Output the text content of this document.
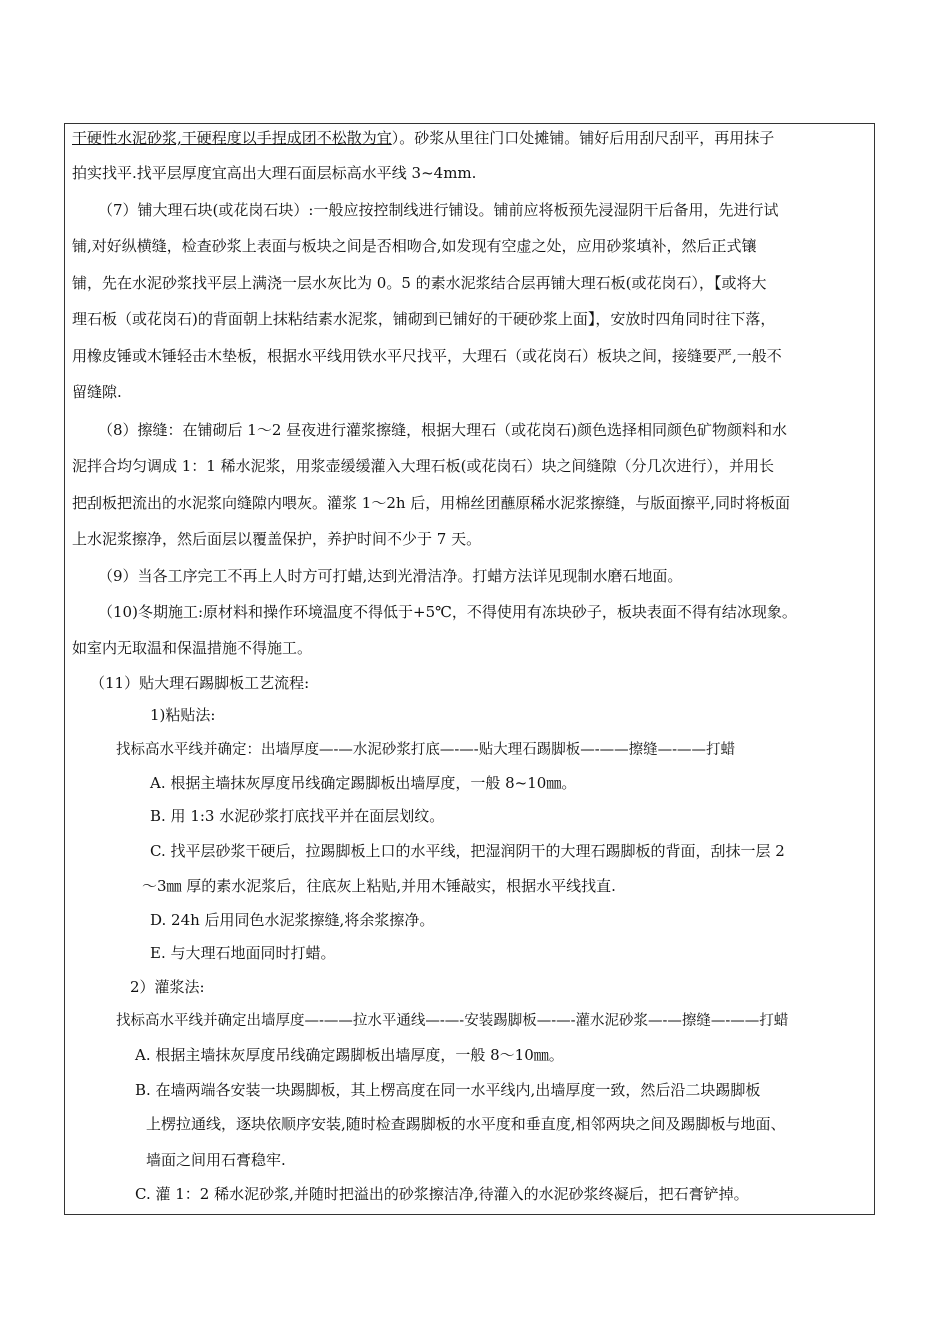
干硬性水泥砂浆,干硬程度以手捏成团不松散为宜）。砂浆从里往门口处摊铺。铺好后用刮尺刮平，再用抹子
拍实找平.找平层厚度宜高出大理石面层标高水平线 3~4mm.
（7）铺大理石块(或花岗石块）:一般应按控制线进行铺设。铺前应将板预先浸湿阴干后备用，先进行试
铺,对好纵横缝，检查砂浆上表面与板块之间是否相吻合,如发现有空虚之处，应用砂浆填补，然后正式镶
铺，先在水泥砂浆找平层上满浇一层水灰比为 0。5 的素水泥浆结合层再铺大理石板(或花岗石），【或将大
理石板（或花岗石)的背面朝上抹粘结素水泥浆，铺砌到已铺好的干硬砂浆上面】，安放时四角同时往下落，
用橡皮锤或木锤轻击木垫板，根据水平线用铁水平尺找平，大理石（或花岗石）板块之间，接缝要严,一般不
留缝隙.
（8）擦缝：在铺砌后 1～2 昼夜进行灌浆擦缝，根据大理石（或花岗石)颜色选择相同颜色矿物颜料和水
泥拌合均匀调成 1：1 稀水泥浆，用浆壶缓缓灌入大理石板(或花岗石）块之间缝隙（分几次进行），并用长
把刮板把流出的水泥浆向缝隙内喂灰。灌浆 1～2h 后，用棉丝团蘸原稀水泥浆擦缝，与版面擦平,同时将板面
上水泥浆擦净，然后面层以覆盖保护，养护时间不少于 7 天。
（9）当各工序完工不再上人时方可打蜡,达到光滑洁净。打蜡方法详见现制水磨石地面。
（10)冬期施工:原材料和操作环境温度不得低于+5℃，不得使用有冻块砂子，板块表面不得有结冰现象。
如室内无取温和保温措施不得施工。
（11）贴大理石踢脚板工艺流程:
1)粘贴法:
找标高水平线并确定：出墙厚度—-—水泥砂浆打底—-—-贴大理石踢脚板—-——擦缝—-——打蜡
A. 根据主墙抹灰厚度吊线确定踢脚板出墙厚度，一般 8~10㎜。
B. 用 1:3 水泥砂浆打底找平并在面层划纹。
C. 找平层砂浆干硬后，拉踢脚板上口的水平线，把湿润阴干的大理石踢脚板的背面，刮抹一层 2
～3㎜ 厚的素水泥浆后，往底灰上粘贴,并用木锤敲实，根据水平线找直.
D. 24h 后用同色水泥浆擦缝,将余浆擦净。
E. 与大理石地面同时打蜡。
2）灌浆法:
找标高水平线并确定出墙厚度—-——拉水平通线—-—-安装踢脚板—-—-灌水泥砂浆—-—擦缝—-——打蜡
A. 根据主墙抹灰厚度吊线确定踢脚板出墙厚度，一般 8～10㎜。
B. 在墙两端各安装一块踢脚板，其上楞高度在同一水平线内,出墙厚度一致，然后沿二块踢脚板
上楞拉通线，逐块依顺序安装,随时检查踢脚板的水平度和垂直度,相邻两块之间及踢脚板与地面、
墙面之间用石膏稳牢.
C. 灌 1：2 稀水泥砂浆,并随时把溢出的砂浆擦洁净,待灌入的水泥砂浆终凝后，把石膏铲掉。
